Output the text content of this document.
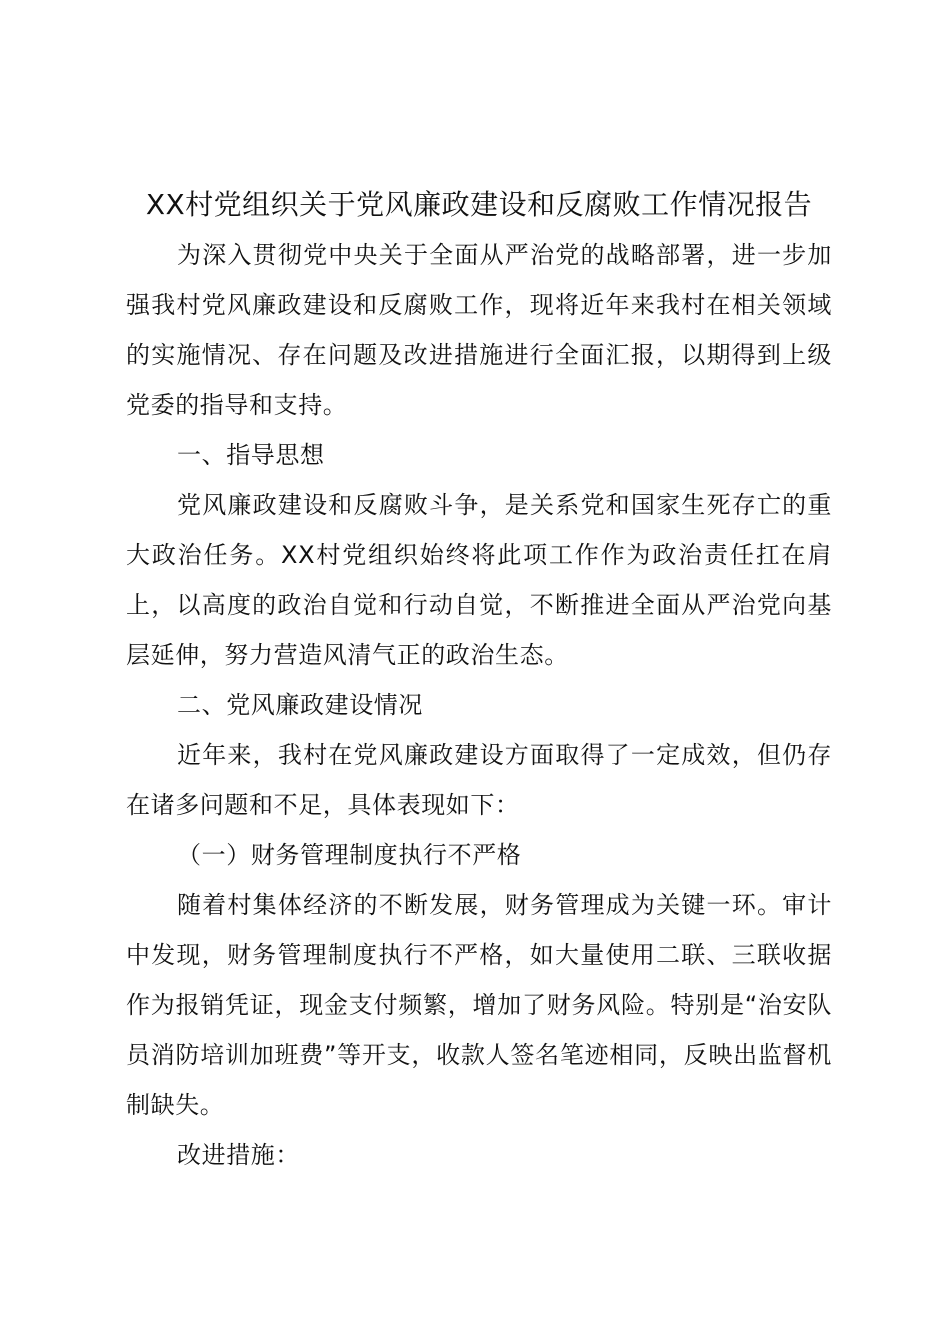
XX村党组织关于党风廉政建设和反腐败工作情况报告

为深入贯彻党中央关于全面从严治党的战略部署，进一步加强我村党风廉政建设和反腐败工作，现将近年来我村在相关领域的实施情况、存在问题及改进措施进行全面汇报，以期得到上级党委的指导和支持。

一、指导思想

党风廉政建设和反腐败斗争，是关系党和国家生死存亡的重大政治任务。XX村党组织始终将此项工作作为政治责任扛在肩上，以高度的政治自觉和行动自觉，不断推进全面从严治党向基层延伸，努力营造风清气正的政治生态。

二、党风廉政建设情况

近年来，我村在党风廉政建设方面取得了一定成效，但仍存在诸多问题和不足，具体表现如下：

（一）财务管理制度执行不严格

随着村集体经济的不断发展，财务管理成为关键一环。审计中发现，财务管理制度执行不严格，如大量使用二联、三联收据作为报销凭证，现金支付频繁，增加了财务风险。特别是“治安队员消防培训加班费”等开支，收款人签名笔迹相同，反映出监督机制缺失。

改进措施：
